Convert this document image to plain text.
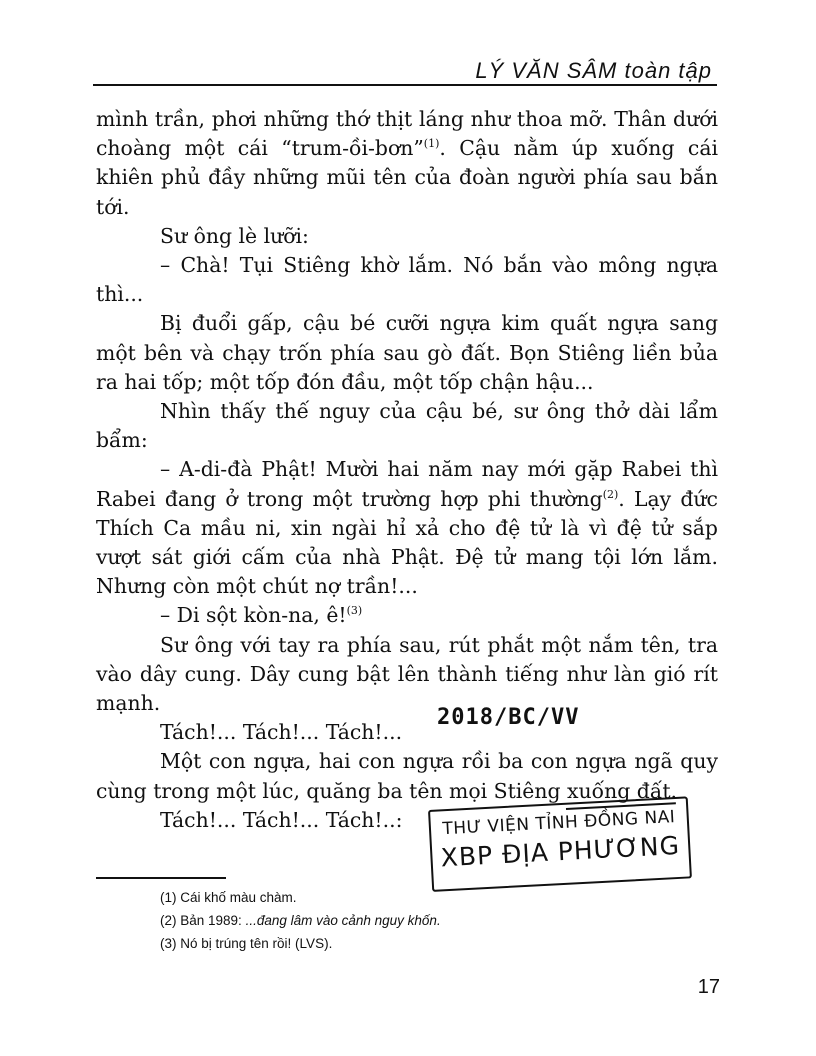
LÝ VĂN SÂM toàn tập

mình trần, phơi những thớ thịt láng như thoa mỡ. Thân dưới choàng một cái “trum-ồi-bơn”$^{(1)}$. Cậu nằm úp xuống cái khiên phủ đầy những mũi tên của đoàn người phía sau bắn tới.

Sư ông lè lưỡi:

– Chà! Tụi Stiêng khờ lắm. Nó bắn vào mông ngựa thì...

Bị đuổi gấp, cậu bé cưỡi ngựa kim quất ngựa sang một bên và chạy trốn phía sau gò đất. Bọn Stiêng liền bủa ra hai tốp; một tốp đón đầu, một tốp chận hậu...

Nhìn thấy thế nguy của cậu bé, sư ông thở dài lẩm bẩm:

– A-di-đà Phật! Mười hai năm nay mới gặp Rabei thì Rabei đang ở trong một trường hợp phi thường$^{(2)}$. Lạy đức Thích Ca mầu ni, xin ngài hỉ xả cho đệ tử là vì đệ tử sắp vượt sát giới cấm của nhà Phật. Đệ tử mang tội lớn lắm. Nhưng còn một chút nợ trần!...

– Di sột kòn-na, ê!$^{(3)}$

Sư ông với tay ra phía sau, rút phắt một nắm tên, tra vào dây cung. Dây cung bật lên thành tiếng như làn gió rít mạnh.

Tách!... Tách!... Tách!...

Một con ngựa, hai con ngựa rồi ba con ngựa ngã quy cùng trong một lúc, quăng ba tên mọi Stiêng xuống đất.

Tách!... Tách!... Tách!..:

2018/BC/VV
THƯ VIỆN TỈNH ĐỒNG NAI
XBP ĐỊA PHƯƠNG

(1) Cái khố màu chàm.

(2) Bản 1989: ...đang lâm vào cảnh nguy khốn.

(3) Nó bị trúng tên rồi! (LVS).

17
